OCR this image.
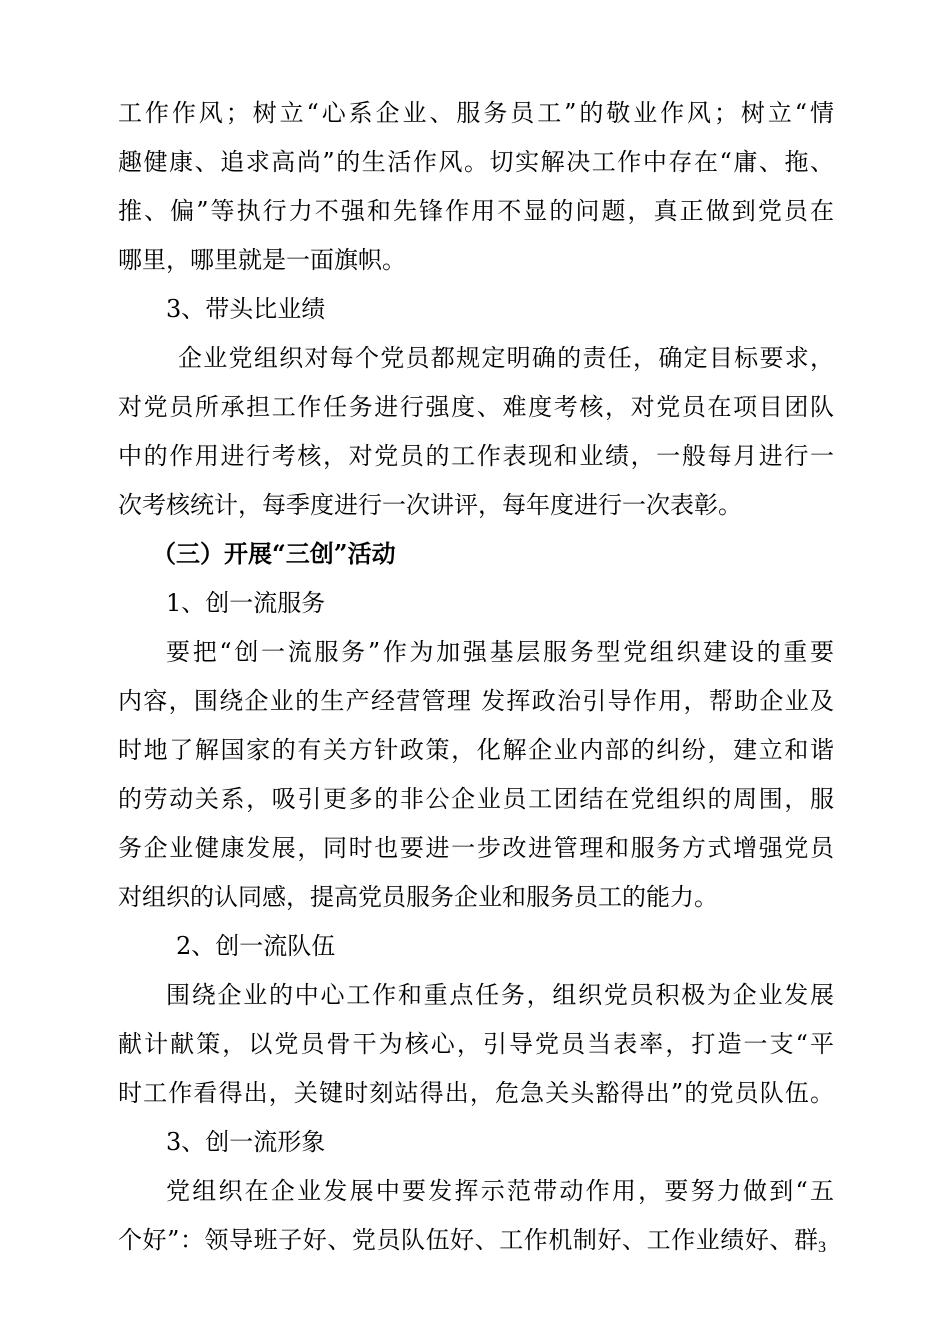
工作作风；树立“心系企业、服务员工”的敬业作风；树立“情
趣健康、追求高尚”的生活作风。切实解决工作中存在“庸、拖、
推、偏”等执行力不强和先锋作用不显的问题，真正做到党员在
哪里，哪里就是一面旗帜。
3、带头比业绩
企业党组织对每个党员都规定明确的责任，确定目标要求，
对党员所承担工作任务进行强度、难度考核，对党员在项目团队
中的作用进行考核，对党员的工作表现和业绩，一般每月进行一
次考核统计，每季度进行一次讲评，每年度进行一次表彰。
（三）开展“三创”活动
1、创一流服务
要把“创一流服务”作为加强基层服务型党组织建设的重要
内容，围绕企业的生产经营管理 发挥政治引导作用，帮助企业及
时地了解国家的有关方针政策，化解企业内部的纠纷，建立和谐
的劳动关系，吸引更多的非公企业员工团结在党组织的周围，服
务企业健康发展，同时也要进一步改进管理和服务方式增强党员
对组织的认同感，提高党员服务企业和服务员工的能力。
2、创一流队伍
围绕企业的中心工作和重点任务，组织党员积极为企业发展
献计献策，以党员骨干为核心，引导党员当表率，打造一支“平
时工作看得出，关键时刻站得出，危急关头豁得出”的党员队伍。
3、创一流形象
党组织在企业发展中要发挥示范带动作用，要努力做到“五
个好”：领导班子好、党员队伍好、工作机制好、工作业绩好、群 3
